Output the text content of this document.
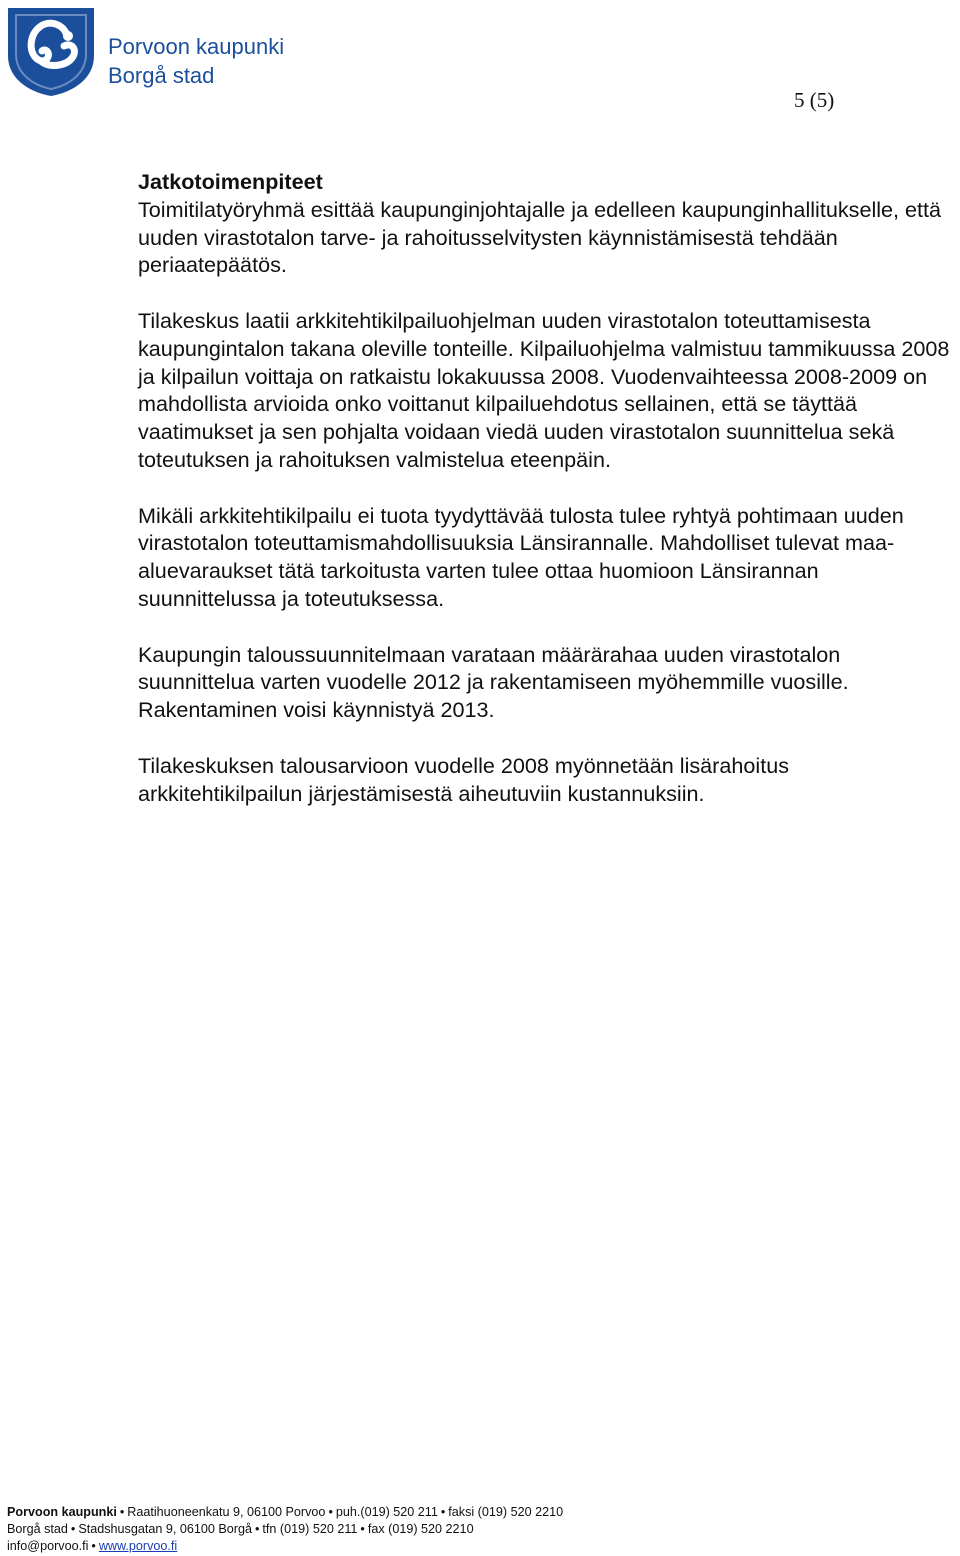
Porvoon kaupunki
Borgå stad
5 (5)
Jatkotoimenpiteet

Toimitilatyöryhmä esittää kaupunginjohtajalle ja edelleen kaupunginhallitukselle, että uuden virastotalon tarve- ja rahoitusselvitysten käynnistämisestä tehdään periaatepäätös.

Tilakeskus laatii arkkitehtikilpailuohjelman uuden virastotalon toteuttamisesta kaupungintalon takana oleville tonteille. Kilpailuohjelma valmistuu tammikuussa 2008 ja kilpailun voittaja on ratkaistu lokakuussa 2008. Vuodenvaihteessa 2008-2009 on mahdollista arvioida onko voittanut kilpailuehdotus sellainen, että se täyttää vaatimukset ja sen pohjalta voidaan viedä uuden virastotalon suunnittelua sekä toteutuksen ja rahoituksen valmistelua eteenpäin.

Mikäli arkkitehtikilpailu ei tuota tyydyttävää tulosta tulee ryhtyä pohtimaan uuden virastotalon toteuttamismahdollisuuksia Länsirannalle. Mahdolliset tulevat maa-aluevaraukset tätä tarkoitusta varten tulee ottaa huomioon Länsirannan suunnittelussa ja toteutuksessa.

Kaupungin taloussuunnitelmaan varataan määrärahaa uuden virastotalon suunnittelua varten vuodelle 2012 ja rakentamiseen myöhemmille vuosille. Rakentaminen voisi käynnistyä 2013.

Tilakeskuksen talousarvioon vuodelle 2008 myönnetään lisärahoitus arkkitehtikilpailun järjestämisestä aiheutuviin kustannuksiin.

Porvoon kaupunki • Raatihuoneenkatu 9, 06100 Porvoo • puh.(019) 520 211 • faksi (019) 520 2210
Borgå stad • Stadshusgatan 9, 06100 Borgå • tfn (019) 520 211 • fax (019) 520 2210
info@porvoo.fi • www.porvoo.fi
